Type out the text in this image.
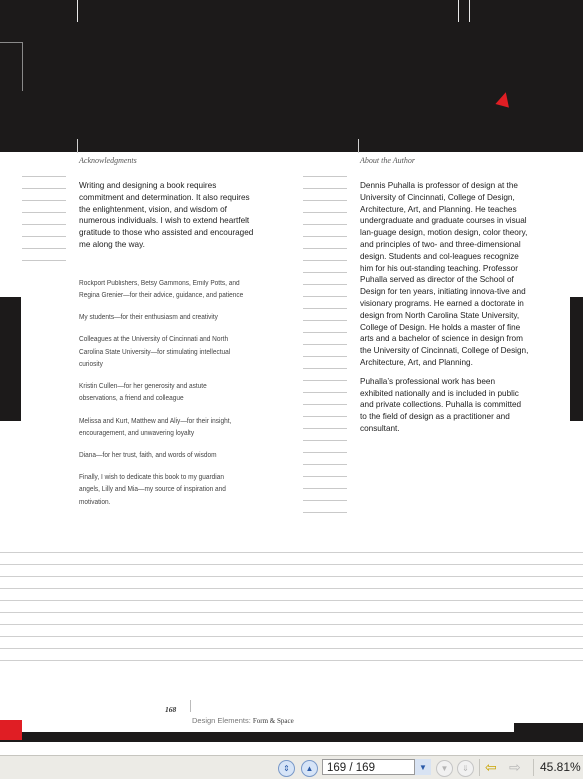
Acknowledgments	About the Author

Writing and designing a book requires commitment and determination. It also requires the enlightenment, vision, and wisdom of numerous individuals. I wish to extend heartfelt gratitude to those who assisted and encouraged me along the way.

Rockport Publishers, Betsy Gammons, Emily Potts, and Regina Grenier—for their advice, guidance, and patience

My students—for their enthusiasm and creativity

Colleagues at the University of Cincinnati and North Carolina State University—for stimulating intellectual curiosity

Kristin Cullen—for her generosity and astute observations, a friend and colleague

Melissa and Kurt, Matthew and Aliy—for their insight, encouragement, and unwavering loyalty

Diana—for her trust, faith, and words of wisdom

Finally, I wish to dedicate this book to my guardian angels, Lilly and Mia—my source of inspiration and motivation.

Dennis Puhalla is professor of design at the University of Cincinnati, College of Design, Architecture, Art, and Planning. He teaches undergraduate and graduate courses in visual lan-guage design, motion design, color theory, and principles of two- and three-dimensional design. Students and col-leagues recognize him for his out-standing teaching. Professor Puhalla served as director of the School of Design for ten years, initiating innova-tive and visionary programs. He earned a doctorate in design from North Carolina State University, College of Design. He holds a master of fine arts and a bachelor of science in design from the University of Cincinnati, College of Design, Architecture, Art, and Planning.

Puhalla’s professional work has been exhibited nationally and is included in public and private collections. Puhalla is committed to the field of design as a practitioner and consultant.

168
Design Elements: Form & Space
⇕	▲	169 / 169	▼	▼	⇓	⇦ ⇨ 45.81%
